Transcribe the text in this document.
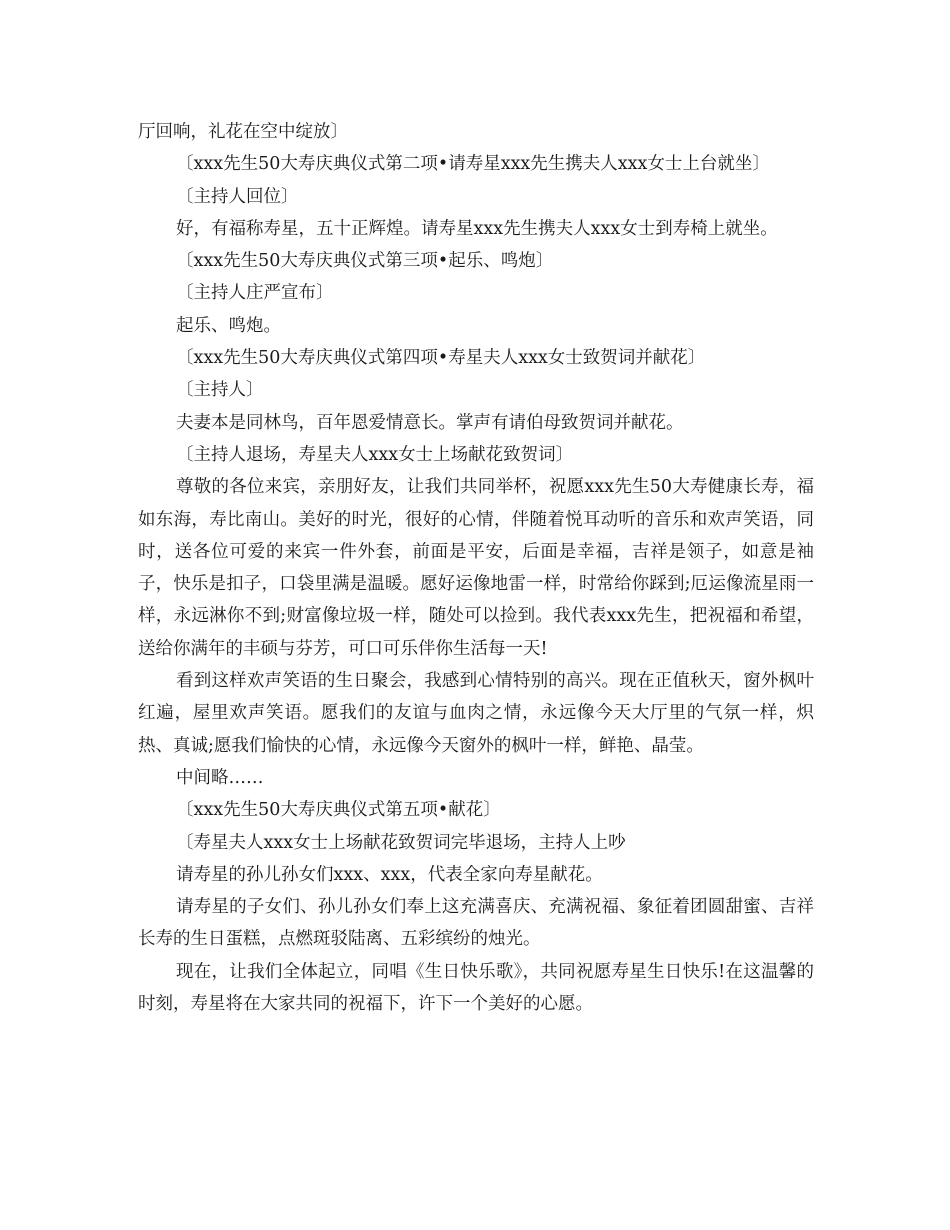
厅回响，礼花在空中绽放〕

〔xxx先生50大寿庆典仪式第二项•请寿星xxx先生携夫人xxx女士上台就坐〕

〔主持人回位〕

好，有福称寿星，五十正辉煌。请寿星xxx先生携夫人xxx女士到寿椅上就坐。

〔xxx先生50大寿庆典仪式第三项•起乐、鸣炮〕

〔主持人庄严宣布〕

起乐、鸣炮。

〔xxx先生50大寿庆典仪式第四项•寿星夫人xxx女士致贺词并献花〕

〔主持人〕

夫妻本是同林鸟，百年恩爱情意长。掌声有请伯母致贺词并献花。

〔主持人退场，寿星夫人xxx女士上场献花致贺词〕

尊敬的各位来宾，亲朋好友，让我们共同举杯，祝愿xxx先生50大寿健康长寿，福如东海，寿比南山。美好的时光，很好的心情，伴随着悦耳动听的音乐和欢声笑语，同时，送各位可爱的来宾一件外套，前面是平安，后面是幸福，吉祥是领子，如意是袖子，快乐是扣子，口袋里满是温暖。愿好运像地雷一样，时常给你踩到;厄运像流星雨一样，永远淋你不到;财富像垃圾一样，随处可以捡到。我代表xxx先生，把祝福和希望，送给你满年的丰硕与芬芳，可口可乐伴你生活每一天!

看到这样欢声笑语的生日聚会，我感到心情特别的高兴。现在正值秋天，窗外枫叶红遍，屋里欢声笑语。愿我们的友谊与血肉之情，永远像今天大厅里的气氛一样，炽热、真诚;愿我们愉快的心情，永远像今天窗外的枫叶一样，鲜艳、晶莹。

中间略……

〔xxx先生50大寿庆典仪式第五项•献花〕

〔寿星夫人xxx女士上场献花致贺词完毕退场，主持人上吵

请寿星的孙儿孙女们xxx、xxx，代表全家向寿星献花。

请寿星的子女们、孙儿孙女们奉上这充满喜庆、充满祝福、象征着团圆甜蜜、吉祥长寿的生日蛋糕，点燃斑驳陆离、五彩缤纷的烛光。

现在，让我们全体起立，同唱《生日快乐歌》，共同祝愿寿星生日快乐!在这温馨的时刻，寿星将在大家共同的祝福下，许下一个美好的心愿。
